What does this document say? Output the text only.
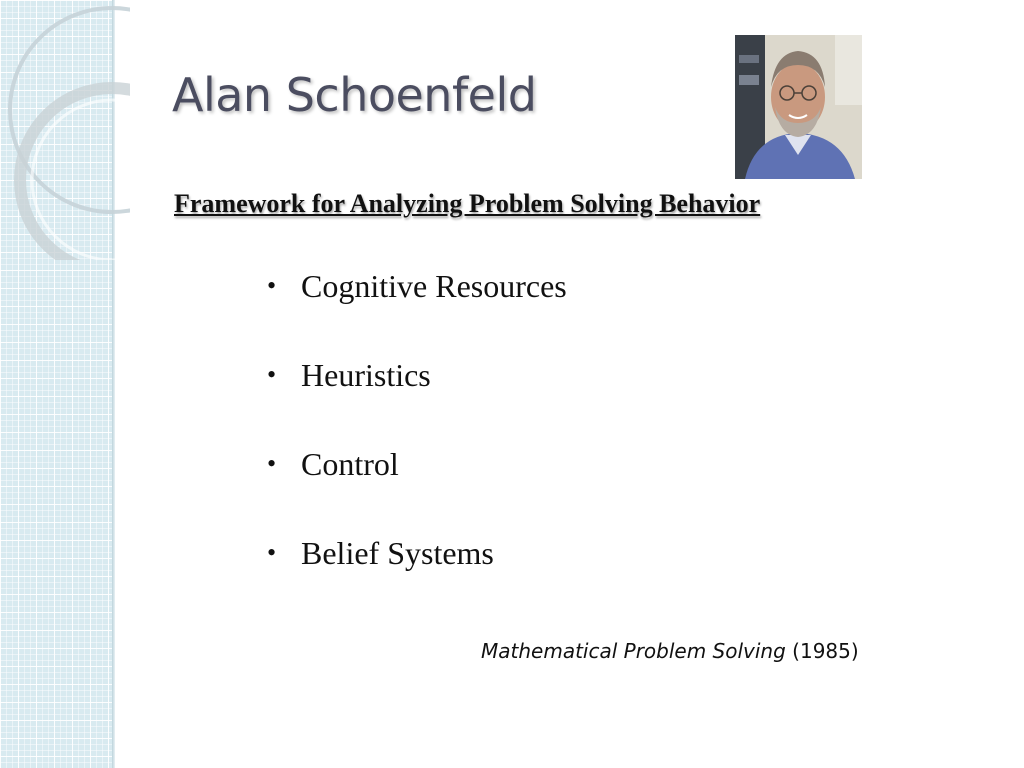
Alan Schoenfeld
Framework for Analyzing Problem Solving Behavior
• Cognitive Resources
• Heuristics
• Control
• Belief Systems
Mathematical Problem Solving (1985)
